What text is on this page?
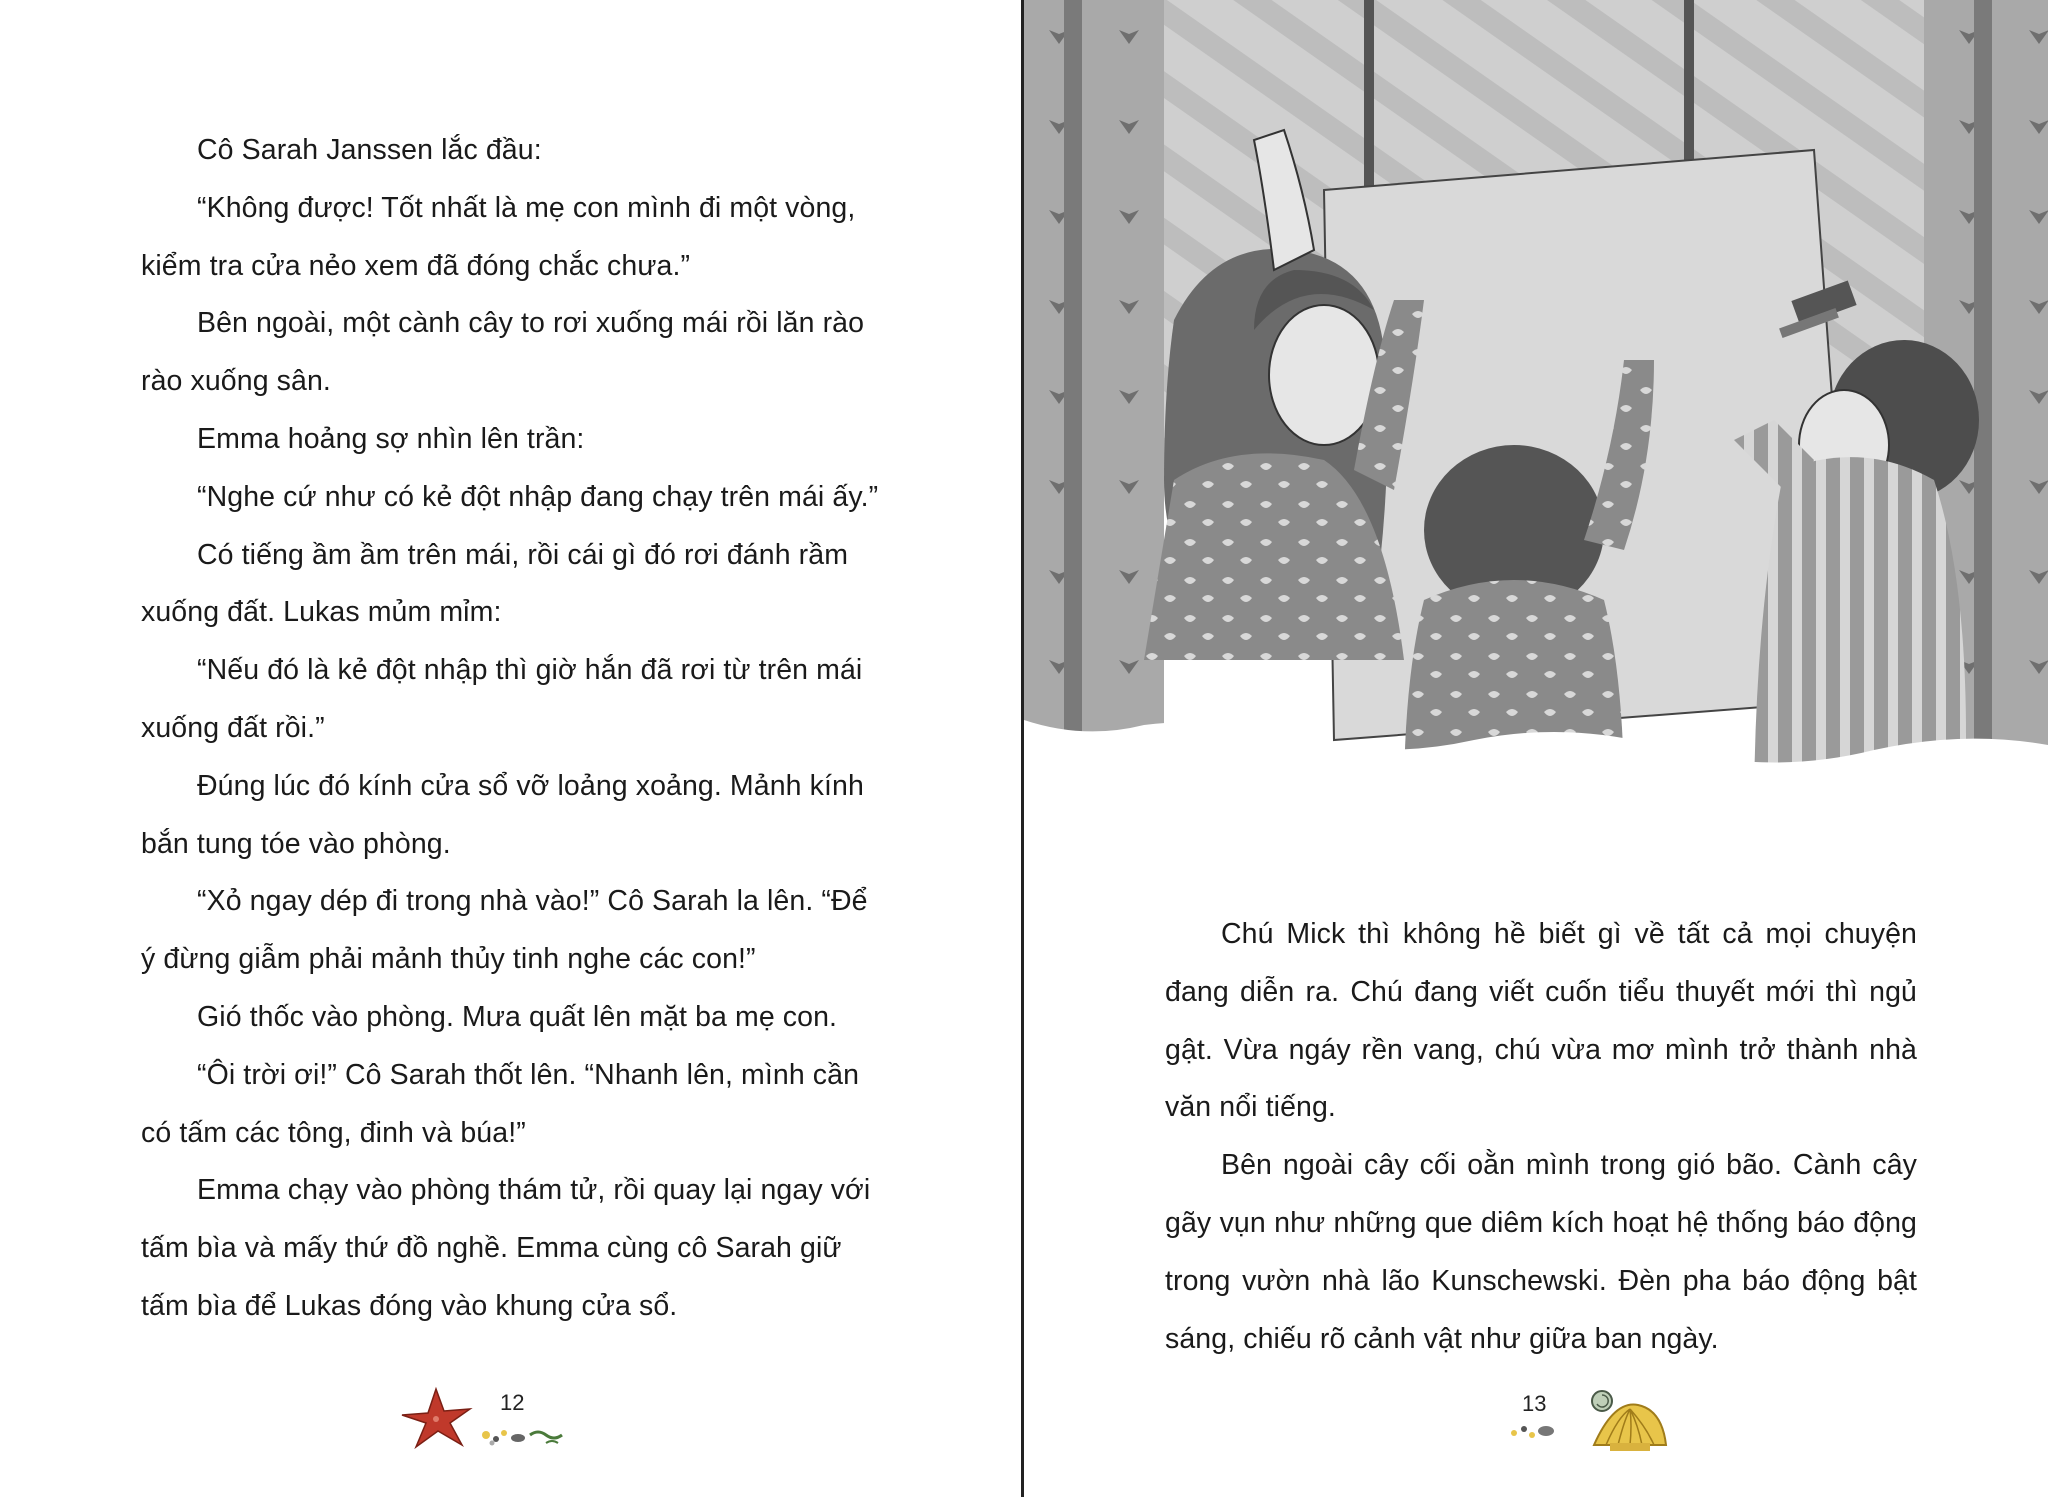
Cô Sarah Janssen lắc đầu:

“Không được! Tốt nhất là mẹ con mình đi một vòng, kiểm tra cửa nẻo xem đã đóng chắc chưa.”

Bên ngoài, một cành cây to rơi xuống mái rồi lăn rào rào xuống sân.

Emma hoảng sợ nhìn lên trần:

“Nghe cứ như có kẻ đột nhập đang chạy trên mái ấy.”

Có tiếng ầm ầm trên mái, rồi cái gì đó rơi đánh rầm xuống đất. Lukas mủm mỉm:

“Nếu đó là kẻ đột nhập thì giờ hắn đã rơi từ trên mái xuống đất rồi.”

Đúng lúc đó kính cửa sổ vỡ loảng xoảng. Mảnh kính bắn tung tóe vào phòng.

“Xỏ ngay dép đi trong nhà vào!” Cô Sarah la lên. “Để ý đừng giẫm phải mảnh thủy tinh nghe các con!”

Gió thốc vào phòng. Mưa quất lên mặt ba mẹ con.

“Ôi trời ơi!” Cô Sarah thốt lên. “Nhanh lên, mình cần có tấm các tông, đinh và búa!”

Emma chạy vào phòng thám tử, rồi quay lại ngay với tấm bìa và mấy thứ đồ nghề. Emma cùng cô Sarah giữ tấm bìa để Lukas đóng vào khung cửa sổ.

12

Chú Mick thì không hề biết gì về tất cả mọi chuyện đang diễn ra. Chú đang viết cuốn tiểu thuyết mới thì ngủ gật. Vừa ngáy rền vang, chú vừa mơ mình trở thành nhà văn nổi tiếng.

Bên ngoài cây cối oằn mình trong gió bão. Cành cây gãy vụn như những que diêm kích hoạt hệ thống báo động trong vườn nhà lão Kunschewski. Đèn pha báo động bật sáng, chiếu rõ cảnh vật như giữa ban ngày.

13
